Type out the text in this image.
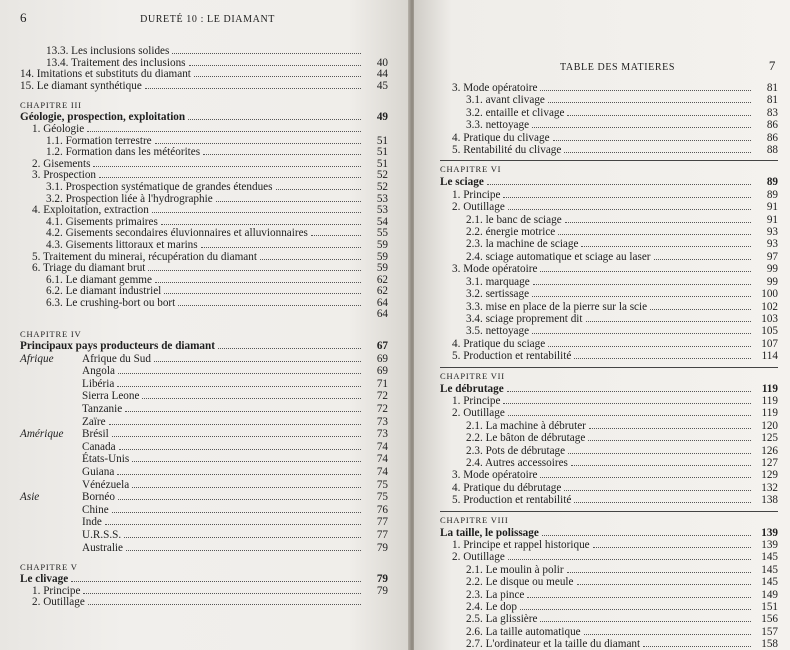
6	DURETÉ 10 : LE DIAMANT
13.3. Les inclusions solides
13.4. Traitement des inclusions	40
14. Imitations et substituts du diamant	44
15. Le diamant synthétique	45
CHAPITRE III
Géologie, prospection, exploitation	49
1. Géologie
1.1. Formation terrestre	51
1.2. Formation dans les météorites	51
2. Gisements	51
3. Prospection	52
3.1. Prospection systématique de grandes étendues	52
3.2. Prospection liée à l'hydrographie	53
4. Exploitation, extraction	53
4.1. Gisements primaires	54
4.2. Gisements secondaires éluvionnaires et alluvionnaires	55
4.3. Gisements littoraux et marins	59
5. Traitement du minerai, récupération du diamant	59
6. Triage du diamant brut	59
6.1. Le diamant gemme	62
6.2. Le diamant industriel	62
6.3. Le crushing-bort ou bort	64
64
CHAPITRE IV
Principaux pays producteurs de diamant	67
Afrique	Afrique du Sud	69
Angola	69
Libéria	71
Sierra Leone	72
Tanzanie	72
Zaïre	73
Amérique	Brésil	73
Canada	74
États-Unis	74
Guiana	74
Vénézuela	75
Asie	Bornéo	75
Chine	76
Inde	77
U.R.S.S.	77
Australie	79
CHAPITRE V
Le clivage	79
1. Principe	79
2. Outillage
TABLE DES MATIERES	7
3. Mode opératoire	81
3.1. avant clivage	81
3.2. entaille et clivage	83
3.3. nettoyage	86
4. Pratique du clivage	86
5. Rentabilité du clivage	88
CHAPITRE VI
Le sciage	89
1. Principe	89
2. Outillage	91
2.1. le banc de sciage	91
2.2. énergie motrice	93
2.3. la machine de sciage	93
2.4. sciage automatique et sciage au laser	97
3. Mode opératoire	99
3.1. marquage	99
3.2. sertissage	100
3.3. mise en place de la pierre sur la scie	102
3.4. sciage proprement dit	103
3.5. nettoyage	105
4. Pratique du sciage	107
5. Production et rentabilité	114
CHAPITRE VII
Le débrutage	119
1. Principe	119
2. Outillage	119
2.1. La machine à débruter	120
2.2. Le bâton de débrutage	125
2.3. Pots de débrutage	126
2.4. Autres accessoires	127
3. Mode opératoire	129
4. Pratique du débrutage	132
5. Production et rentabilité	138
CHAPITRE VIII
La taille, le polissage	139
1. Principe et rappel historique	139
2. Outillage	145
2.1. Le moulin à polir	145
2.2. Le disque ou meule	145
2.3. La pince	149
2.4. Le dop	151
2.5. La glissière	156
2.6. La taille automatique	157
2.7. L'ordinateur et la taille du diamant	158
